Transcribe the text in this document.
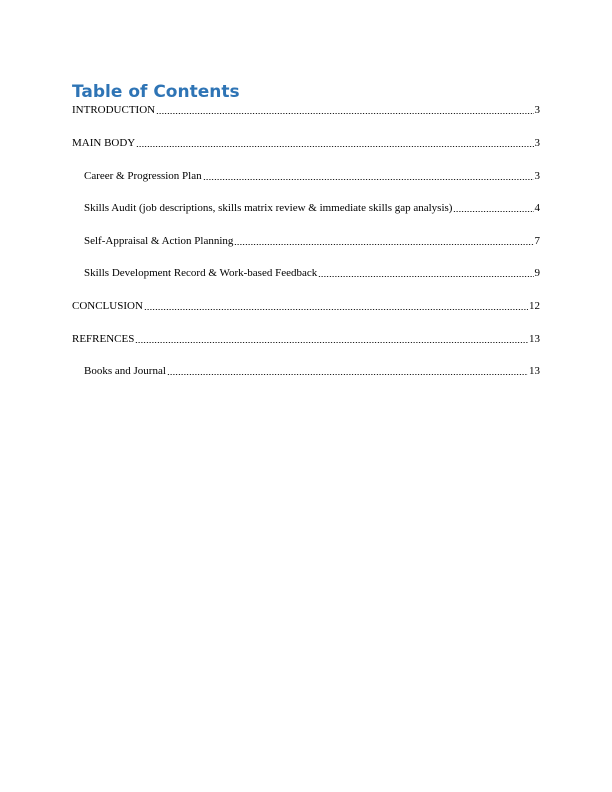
Table of Contents
INTRODUCTION	3
MAIN BODY	3
Career & Progression Plan	3
Skills Audit (job descriptions, skills matrix review & immediate skills gap analysis)	4
Self-Appraisal & Action Planning	7
Skills Development Record & Work-based Feedback	9
CONCLUSION	12
REFRENCES	13
Books and Journal	13
